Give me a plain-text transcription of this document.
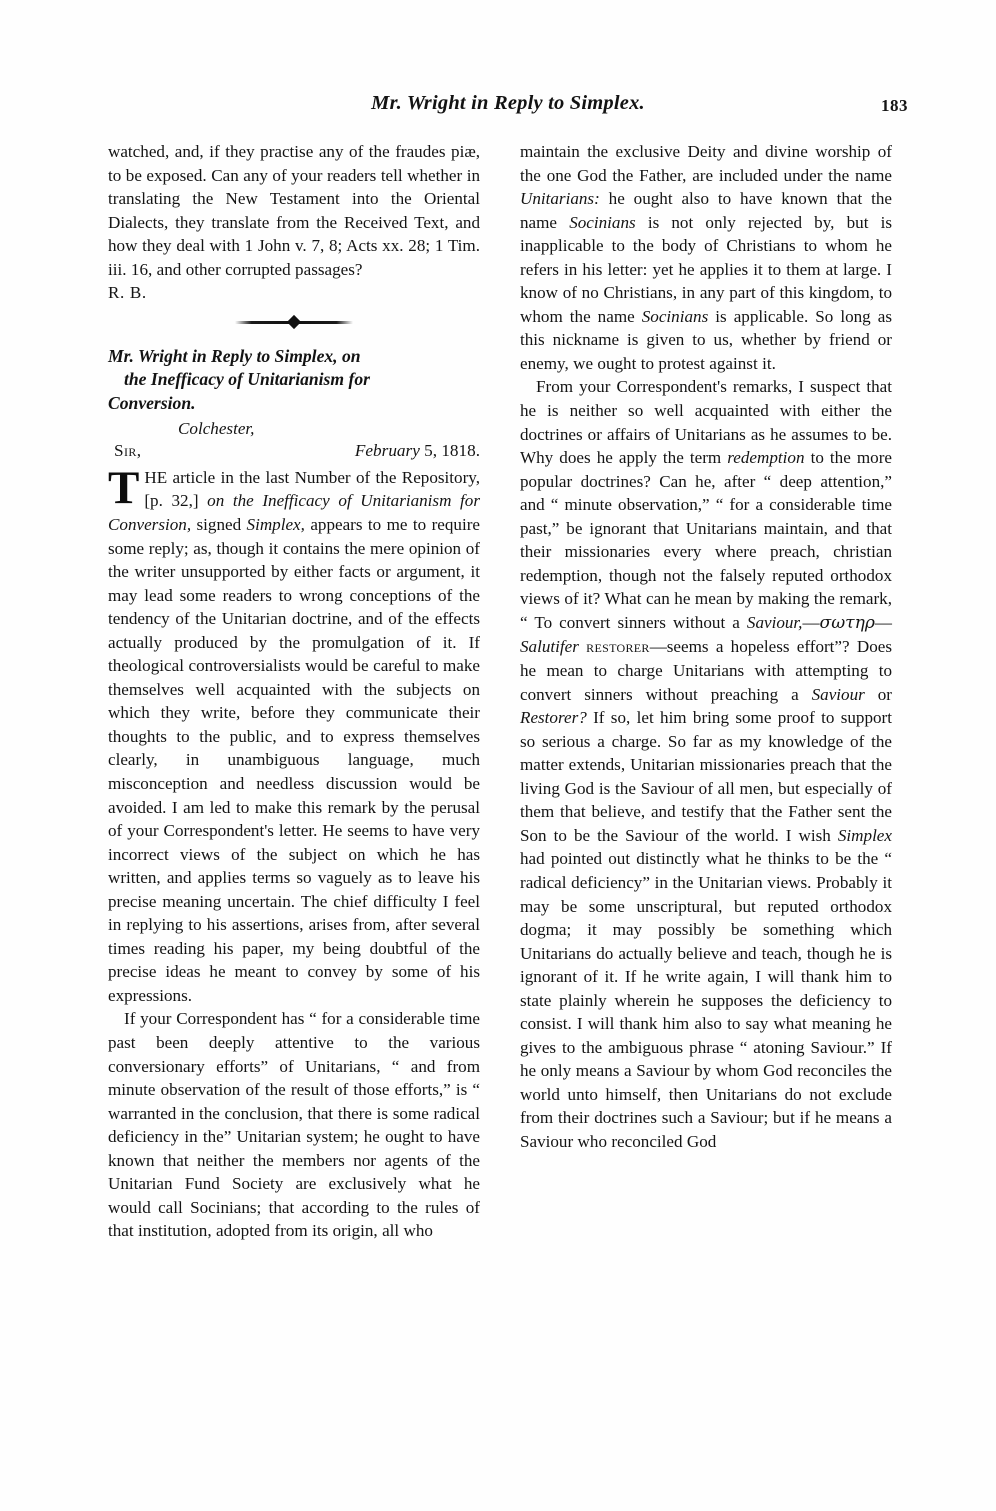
Mr. Wright in Reply to Simplex.	183

watched, and, if they practise any of the fraudes piæ, to be exposed. Can any of your readers tell whether in translating the New Testament into the Oriental Dialects, they translate from the Received Text, and how they deal with 1 John v. 7, 8; Acts xx. 28; 1 Tim. iii. 16, and other corrupted passages?

R. B.

Mr. Wright in Reply to Simplex, on
the Inefficacy of Unitarianism for
Conversion.

Colchester,

Sir,	February 5, 1818.

THE article in the last Number of the Repository, [p. 32,] on the Inefficacy of Unitarianism for Conversion, signed Simplex, appears to me to require some reply; as, though it contains the mere opinion of the writer unsupported by either facts or argument, it may lead some readers to wrong conceptions of the tendency of the Unitarian doctrine, and of the effects actually produced by the promulgation of it. If theological controversialists would be careful to make themselves well acquainted with the subjects on which they write, before they communicate their thoughts to the public, and to express themselves clearly, in unambiguous language, much misconception and needless discussion would be avoided. I am led to make this remark by the perusal of your Correspondent's letter. He seems to have very incorrect views of the subject on which he has written, and applies terms so vaguely as to leave his precise meaning uncertain. The chief difficulty I feel in replying to his assertions, arises from, after several times reading his paper, my being doubtful of the precise ideas he meant to convey by some of his expressions.

If your Correspondent has “ for a considerable time past been deeply attentive to the various conversionary efforts” of Unitarians, “ and from minute observation of the result of those efforts,” is “ warranted in the conclusion, that there is some radical deficiency in the” Unitarian system; he ought to have known that neither the members nor agents of the Unitarian Fund Society are exclusively what he would call Socinians; that according to the rules of that institution, adopted from its origin, all who

maintain the exclusive Deity and divine worship of the one God the Father, are included under the name Unitarians: he ought also to have known that the name Socinians is not only rejected by, but is inapplicable to the body of Christians to whom he refers in his letter: yet he applies it to them at large. I know of no Christians, in any part of this kingdom, to whom the name Socinians is applicable. So long as this nickname is given to us, whether by friend or enemy, we ought to protest against it.

From your Correspondent's remarks, I suspect that he is neither so well acquainted with either the doctrines or affairs of Unitarians as he assumes to be. Why does he apply the term redemption to the more popular doctrines? Can he, after “ deep attention,” and “ minute observation,” “ for a considerable time past,” be ignorant that Unitarians maintain, and that their missionaries every where preach, christian redemption, though not the falsely reputed orthodox views of it? What can he mean by making the remark, “ To convert sinners without a Saviour,—σωτηρ—Salutifer restorer—seems a hopeless effort”? Does he mean to charge Unitarians with attempting to convert sinners without preaching a Saviour or Restorer? If so, let him bring some proof to support so serious a charge. So far as my knowledge of the matter extends, Unitarian missionaries preach that the living God is the Saviour of all men, but especially of them that believe, and testify that the Father sent the Son to be the Saviour of the world. I wish Simplex had pointed out distinctly what he thinks to be the “ radical deficiency” in the Unitarian views. Probably it may be some unscriptural, but reputed orthodox dogma; it may possibly be something which Unitarians do actually believe and teach, though he is ignorant of it. If he write again, I will thank him to state plainly wherein he supposes the deficiency to consist. I will thank him also to say what meaning he gives to the ambiguous phrase “ atoning Saviour.” If he only means a Saviour by whom God reconciles the world unto himself, then Unitarians do not exclude from their doctrines such a Saviour; but if he means a Saviour who reconciled God
